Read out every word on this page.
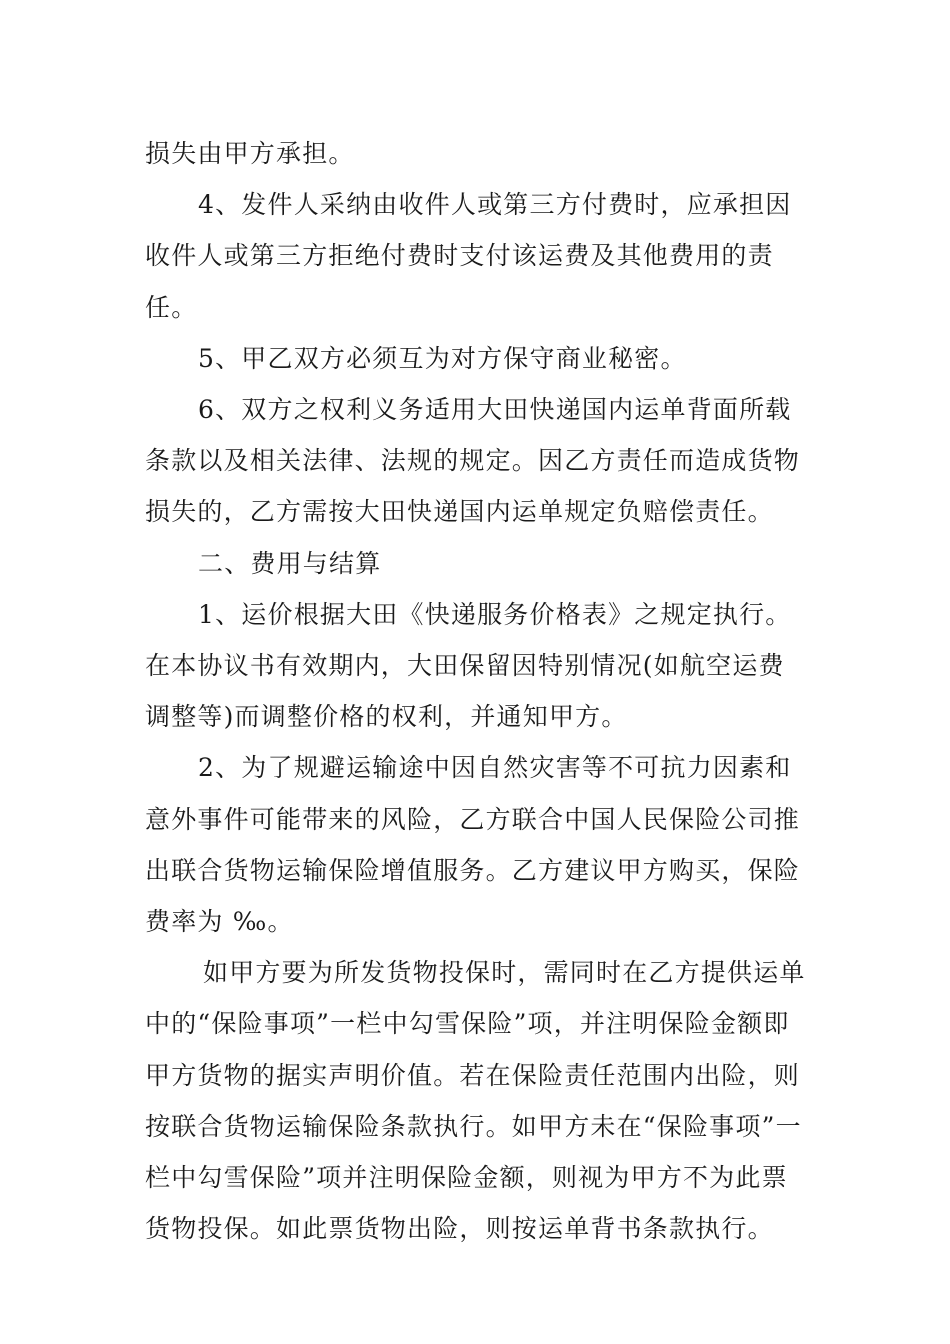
损失由甲方承担。

4、发件人采纳由收件人或第三方付费时，应承担因收件人或第三方拒绝付费时支付该运费及其他费用的责任。

5、甲乙双方必须互为对方保守商业秘密。

6、双方之权利义务适用大田快递国内运单背面所载条款以及相关法律、法规的规定。因乙方责任而造成货物损失的，乙方需按大田快递国内运单规定负赔偿责任。

二、费用与结算

1、运价根据大田《快递服务价格表》之规定执行。在本协议书有效期内，大田保留因特别情况(如航空运费调整等)而调整价格的权利，并通知甲方。

2、为了规避运输途中因自然灾害等不可抗力因素和意外事件可能带来的风险，乙方联合中国人民保险公司推出联合货物运输保险增值服务。乙方建议甲方购买，保险费率为 ‰。

如甲方要为所发货物投保时，需同时在乙方提供运单中的“保险事项”一栏中勾雪保险”项，并注明保险金额即甲方货物的据实声明价值。若在保险责任范围内出险，则按联合货物运输保险条款执行。如甲方未在“保险事项”一栏中勾雪保险”项并注明保险金额，则视为甲方不为此票货物投保。如此票货物出险，则按运单背书条款执行。
